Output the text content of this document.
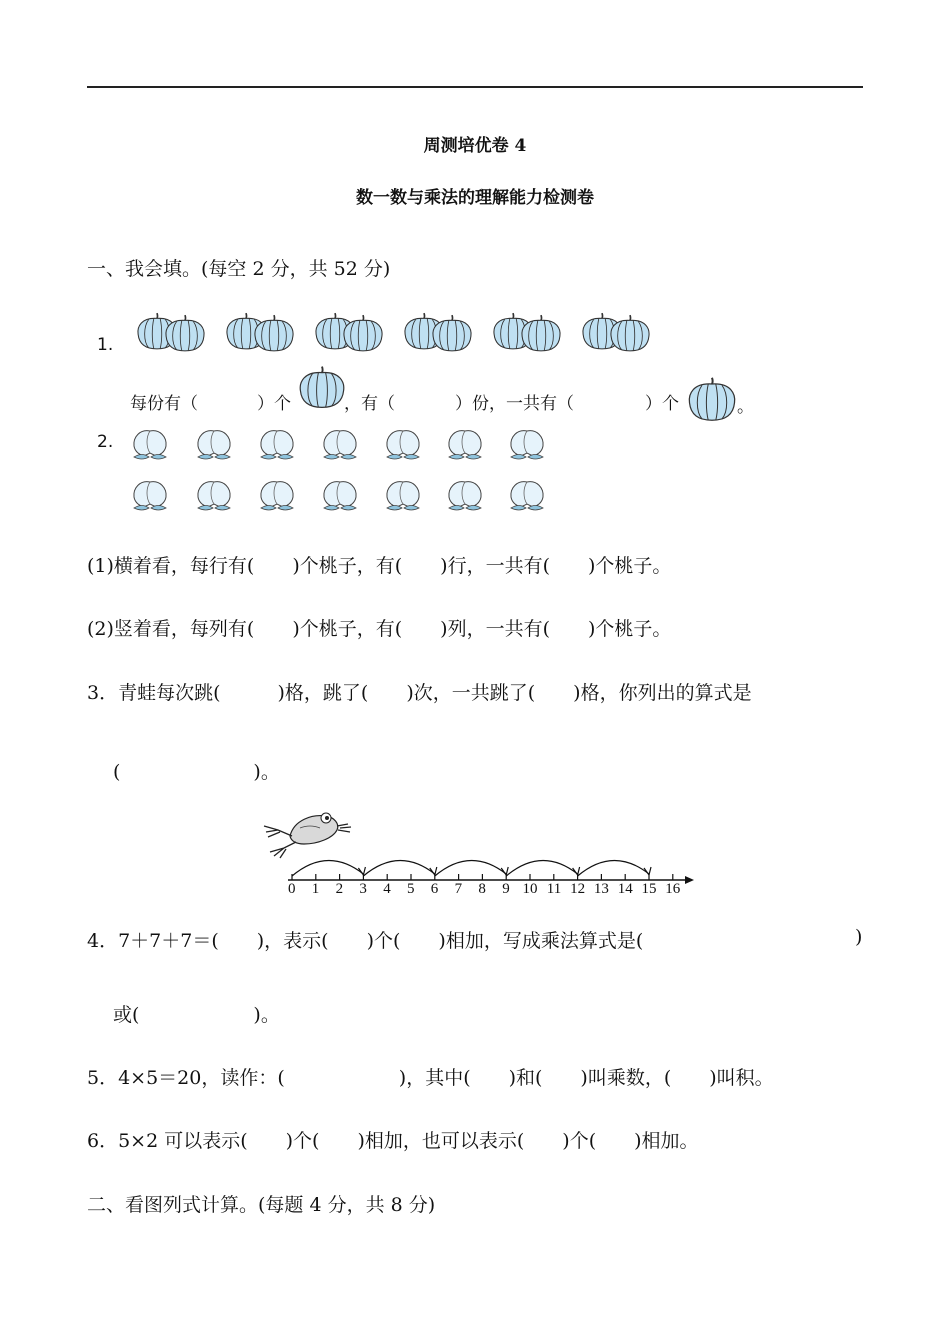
周测培优卷 4
数一数与乘法的理解能力检测卷
一、我会填。(每空 2 分，共 52 分)
1.
每份有（	）个	，有（	）份，一共有（	）个	。
2.
(1)横着看，每行有(　　)个桃子，有(　　)行，一共有(　　)个桃子。
(2)竖着看，每列有(　　)个桃子，有(　　)列，一共有(　　)个桃子。
3．青蛙每次跳(　　　)格，跳了(　　)次，一共跳了(　　)格，你列出的算式是
(　　　　　　　)。
0 1 2 3 4 5 6 7 8 9 10 11 12 13 14 15 16
4．7＋7＋7＝(　　)，表示(　　)个(　　)相加，写成乘法算式是(	)
或(　　　　　　)。
5．4×5＝20，读作：(　　　　　　)，其中(　　)和(　　)叫乘数，(　　)叫积。
6．5×2 可以表示(　　)个(　　)相加，也可以表示(　　)个(　　)相加。
二、看图列式计算。(每题 4 分，共 8 分)
